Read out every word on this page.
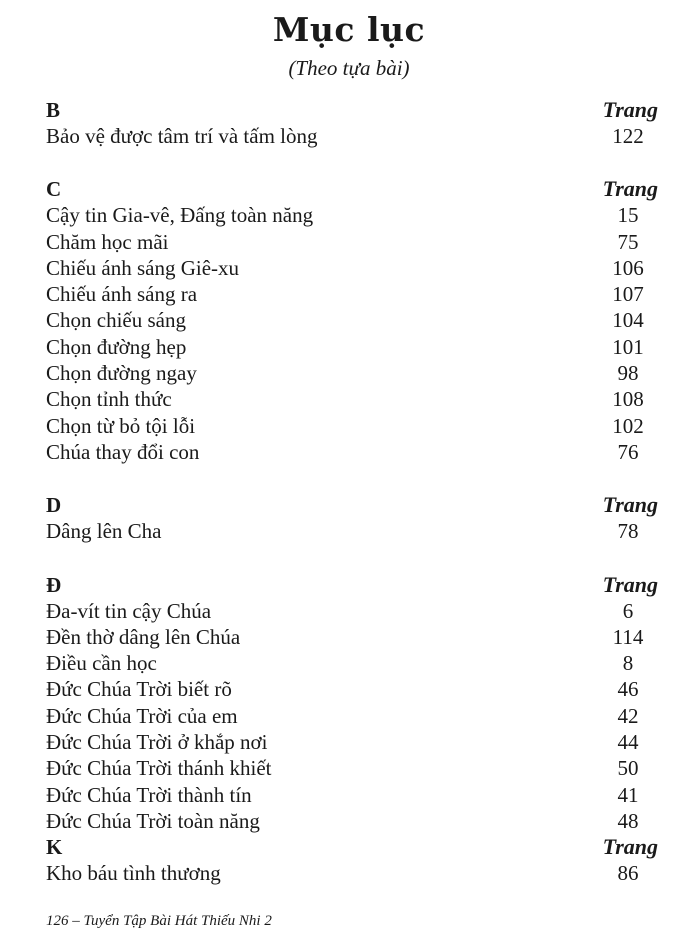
Mục lục
(Theo tựa bài)
B	Trang
Bảo vệ được tâm trí và tấm lòng	122
C	Trang
Cậy tin Gia-vê, Đấng toàn năng	15
Chăm học mãi	75
Chiếu ánh sáng Giê-xu	106
Chiếu ánh sáng ra	107
Chọn chiếu sáng	104
Chọn đường hẹp	101
Chọn đường ngay	98
Chọn tỉnh thức	108
Chọn từ bỏ tội lỗi	102
Chúa thay đổi con	76
D	Trang
Dâng lên Cha	78
Đ	Trang
Đa-vít tin cậy Chúa	6
Đền thờ dâng lên Chúa	114
Điều cần học	8
Đức Chúa Trời biết rõ	46
Đức Chúa Trời của em	42
Đức Chúa Trời ở khắp nơi	44
Đức Chúa Trời thánh khiết	50
Đức Chúa Trời thành tín	41
Đức Chúa Trời toàn năng	48
K	Trang
Kho báu tình thương	86
126 – Tuyển Tập Bài Hát Thiếu Nhi 2
